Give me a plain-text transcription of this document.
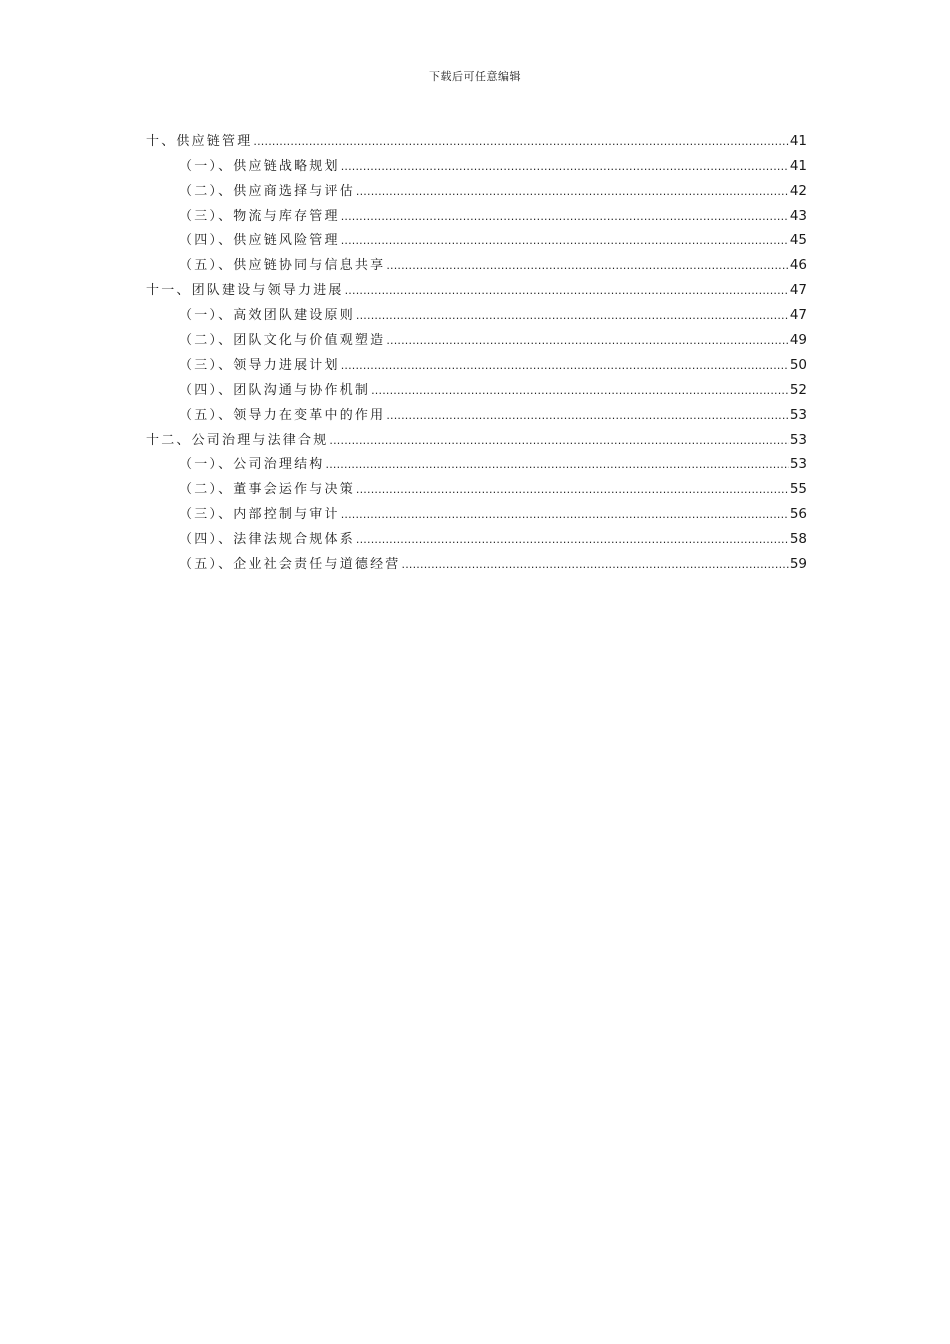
下载后可任意编辑
十、供应链管理 .....	41
（一）、供应链战略规划 .....	41
（二）、供应商选择与评估 .....	42
（三）、物流与库存管理 .....	43
（四）、供应链风险管理 .....	45
（五）、供应链协同与信息共享 .....	46
十一、团队建设与领导力进展 .....	47
（一）、高效团队建设原则 .....	47
（二）、团队文化与价值观塑造 .....	49
（三）、领导力进展计划 .....	50
（四）、团队沟通与协作机制 .....	52
（五）、领导力在变革中的作用 .....	53
十二、公司治理与法律合规 .....	53
（一）、公司治理结构 .....	53
（二）、董事会运作与决策 .....	55
（三）、内部控制与审计 .....	56
（四）、法律法规合规体系 .....	58
（五）、企业社会责任与道德经营 .....	59
